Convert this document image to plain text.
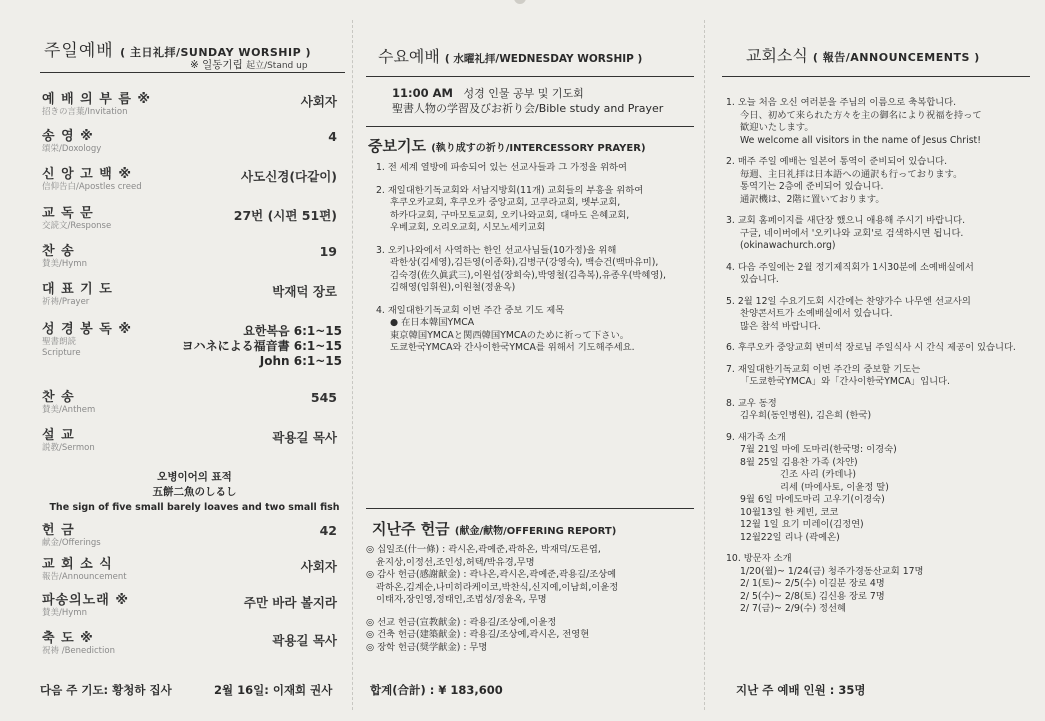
주일예배 ( 主日礼拝/SUNDAY WORSHIP )
※ 일동기립 起立/Stand up
예 배 의 부 름 ※
招きの言葉/Invitation
사회자
송 영 ※
頌栄/Doxology
4
신 앙 고 백 ※
信仰告白/Apostles creed
사도신경(다같이)
교 독 문
交読文/Response
27번 (시편 51편)
찬 송
賛美/Hymn
19
대 표 기 도
祈祷/Prayer
박재덕 장로
성 경 봉 독 ※
聖書朗読
Scripture
찬 송
賛美/Anthem
545
설 교
説教/Sermon
곽용길 목사
헌 금
献金/Offerings
42
교 회 소 식
報告/Announcement
사회자
파송의노래 ※
賛美/Hymn
주만 바라 볼지라
축 도 ※
祝祷 /Benediction
곽용길 목사
요한복음 6:1~15
ヨハネによる福音書 6:1~15
John 6:1~15
오병이어의 표적
五餅二魚のしるし
The sign of five small barely loaves and two small fish
다음 주 기도: 황청하 집사	2월 16일: 이재희 권사
수요예배 ( 水曜礼拝/WEDNESDAY WORSHIP )
11:00 AM 성경 인물 공부 및 기도회
聖書人物の学習及びお祈り会/Bible study and Prayer
중보기도 (執り成すの祈り/INTERCESSORY PRAYER)
1. 전 세계 열방에 파송되어 있는 선교사들과 그 가정을 위하여
2. 재일대한기독교회와 서남지방회(11개) 교회들의 부흥을 위하여
후쿠오카교회, 후쿠오카 중앙교회, 고쿠라교회, 벳부교회,
하카다교회, 구마모토교회, 오키나와교회, 대마도 은혜교회,
우베교회, 오리오교회, 시모노세키교회
3. 오키나와에서 사역하는 한인 선교사님들(10가정)을 위해
곽한상(김세영),김든영(이종화),김병구(강영숙), 백승건(백마유미),
김숙경(佐久眞武三),이원섭(장희숙),박영철(김측복),유종우(박혜영),
김해영(임휘원),이원철(정윤옥)
4. 재일대한기독교회 이번 주간 중보 기도 제목
● 在日本韓国YMCA
東京韓国YMCAと関西韓国YMCAのために祈って下さい。
도쿄한국YMCA와 간사이한국YMCA를 위해서 기도해주세요.
지난주 헌금 (献金/献物/OFFERING REPORT)
◎ 십일조(什一條) : 곽시온,곽예준,곽하온, 박재덕/도른엽,
윤지상,이정선,조인성,허택/박유경,무명
◎ 감사 헌금(感謝献金) : 곽나온,곽시온,곽예준,곽용길/조상예
곽하온,김계순,나미히라케이코,박찬식,신지예,이남희,이윤정
이태자,장인영,정태인,조법성/정윤옥, 무명
◎ 선교 헌금(宣教献金) : 곽용길/조상예,이윤정
◎ 건축 헌금(建築献金) : 곽용길/조상예,곽시온, 전영현
◎ 장학 헌금(奨学献金) : 무명
합계(合計) : ¥ 183,600
교회소식 ( 報告/ANNOUNCEMENTS )
1. 오늘 처음 오신 여러분을 주님의 이름으로 축복합니다.
今日、初めて来られた方々を主の御名により祝福を持って
歓迎いたします。
We welcome all visitors in the name of Jesus Christ!
2. 매주 주일 예배는 일본어 통역이 준비되어 있습니다.
毎週、主日礼拝は日本語への通訳も行っております。
통역기는 2층에 준비되어 있습니다.
通訳機は、2階に置いております。
3. 교회 홈페이지를 새단장 했으니 애용해 주시기 바랍니다.
구글, 네이버에서 '오키나와 교회'로 검색하시면 됩니다.
(okinawachurch.org)
4. 다음 주일에는 2월 정기제직회가 1시30분에 소예배실에서
있습니다.
5. 2월 12일 수요기도회 시간에는 찬양가수 나무엔 선교사의
찬양콘서트가 소예배실에서 있습니다.
많은 참석 바랍니다.
6. 후쿠오카 중앙교회 변미석 장로님 주일식사 시 간식 제공이 있습니다.
7. 재일대한기독교회 이번 주간의 중보할 기도는
「도쿄한국YMCA」와「간사이한국YMCA」입니다.
8. 교우 동정
김우희(동인병원), 김은희 (한국)
9. 새가족 소개
7월 21일 마에 도마리(한국명: 이경숙)
8월 25일 김용찬 가족 (차얀)
긴조 사리 (카데나)
리세 (마에사토, 이윤정 딸)
9월 6일 마에도마리 고우기(이경숙)
10월13일 한 케빈, 코코
12월 1일 요기 미레이(김정연)
12월22일 리나 (곽예온)
10. 방문자 소개
1/20(월)~ 1/24(금) 청주가경동산교회 17명
2/ 1(토)~ 2/5(수) 이길분 장로 4명
2/ 5(수)~ 2/8(토) 김신용 장로 7명
2/ 7(금)~ 2/9(수) 정선혜
지난 주 예배 인원 : 35명
